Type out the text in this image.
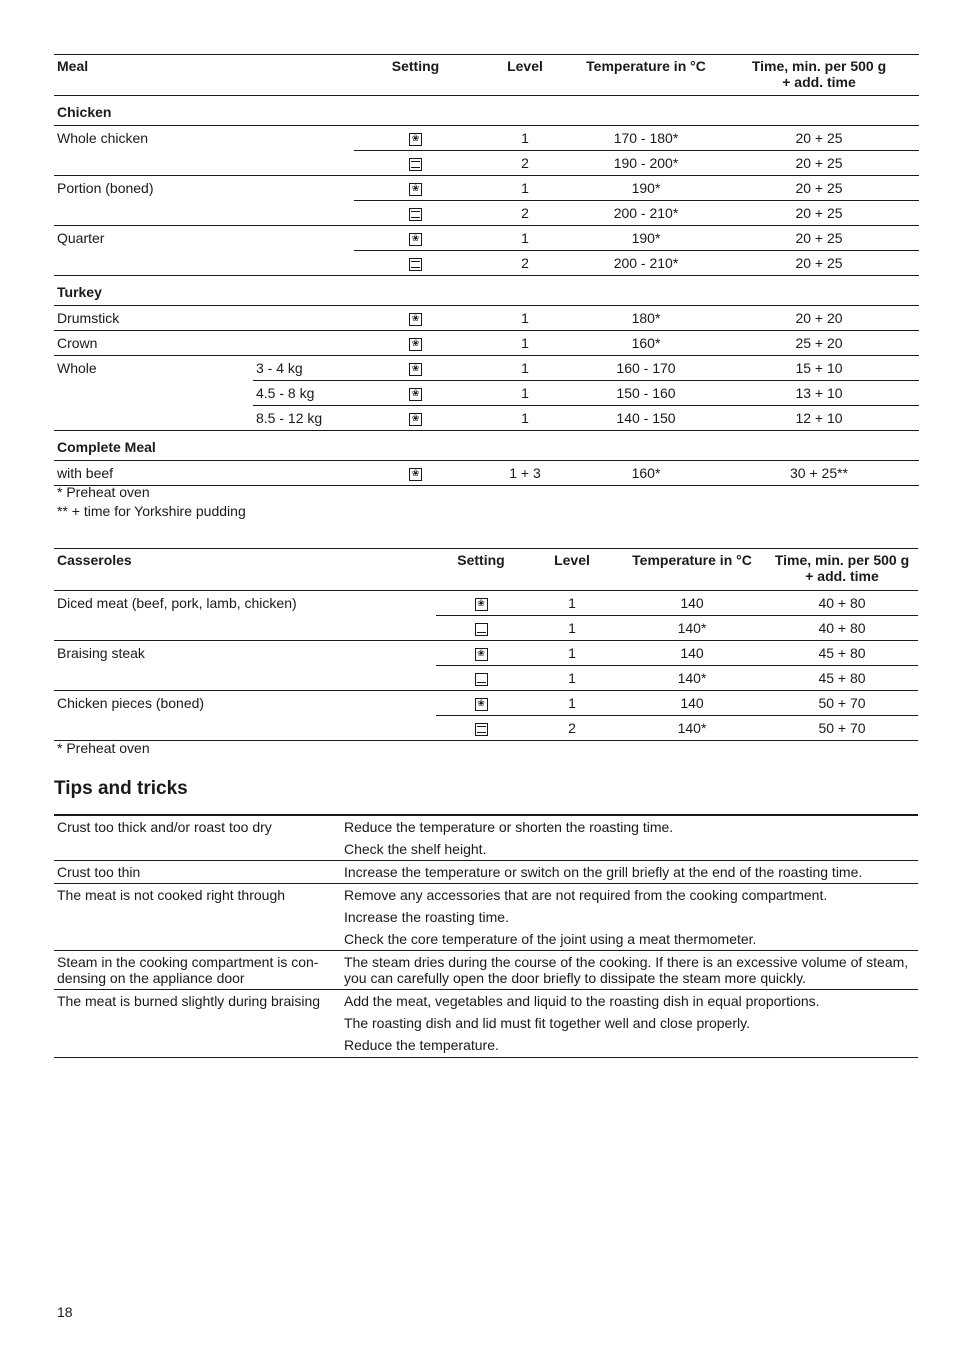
Meal		Setting	Level	Temperature in °C	Time, min. per 500 g
+ add. time
Chicken					
Whole chicken	❀		1	170 - 180*	20 + 25
			2	190 - 200*	20 + 25
Portion (boned)	❀		1	190*	20 + 25
			2	200 - 210*	20 + 25
Quarter	❀		1	190*	20 + 25
			2	200 - 210*	20 + 25
Turkey					
Drumstick	❀		1	180*	20 + 20
Crown	❀		1	160*	25 + 20
Whole	3 - 4 kg	❀	1	160 - 170	15 + 10
	4.5 - 8 kg	❀	1	150 - 160	13 + 10
	8.5 - 12 kg	❀	1	140 - 150	12 + 10
Complete Meal					
with beef	❀		1 + 3	160*	30 + 25**
* Preheat oven
** + time for Yorkshire pudding
Casseroles	Setting	Level	Temperature in °C	Time, min. per 500 g
+ add. time
Diced meat (beef, pork, lamb, chicken)	❀	1	140	40 + 80
		1	140*	40 + 80
Braising steak	❀	1	140	45 + 80
		1	140*	45 + 80
Chicken pieces (boned)	❀	1	140	50 + 70
		2	140*	50 + 70
* Preheat oven
Tips and tricks
Crust too thick and/or roast too dry	Reduce the temperature or shorten the roasting time.
	Check the shelf height.
Crust too thin	Increase the temperature or switch on the grill briefly at the end of the roasting time.
The meat is not cooked right through	Remove any accessories that are not required from the cooking compartment.
	Increase the roasting time.
	Check the core temperature of the joint using a meat thermometer.
Steam in the cooking compartment is con-densing on the appliance door	The steam dries during the course of the cooking. If there is an excessive volume of steam, you can carefully open the door briefly to dissipate the steam more quickly.
The meat is burned slightly during braising	Add the meat, vegetables and liquid to the roasting dish in equal proportions.
	The roasting dish and lid must fit together well and close properly.
	Reduce the temperature.
18
